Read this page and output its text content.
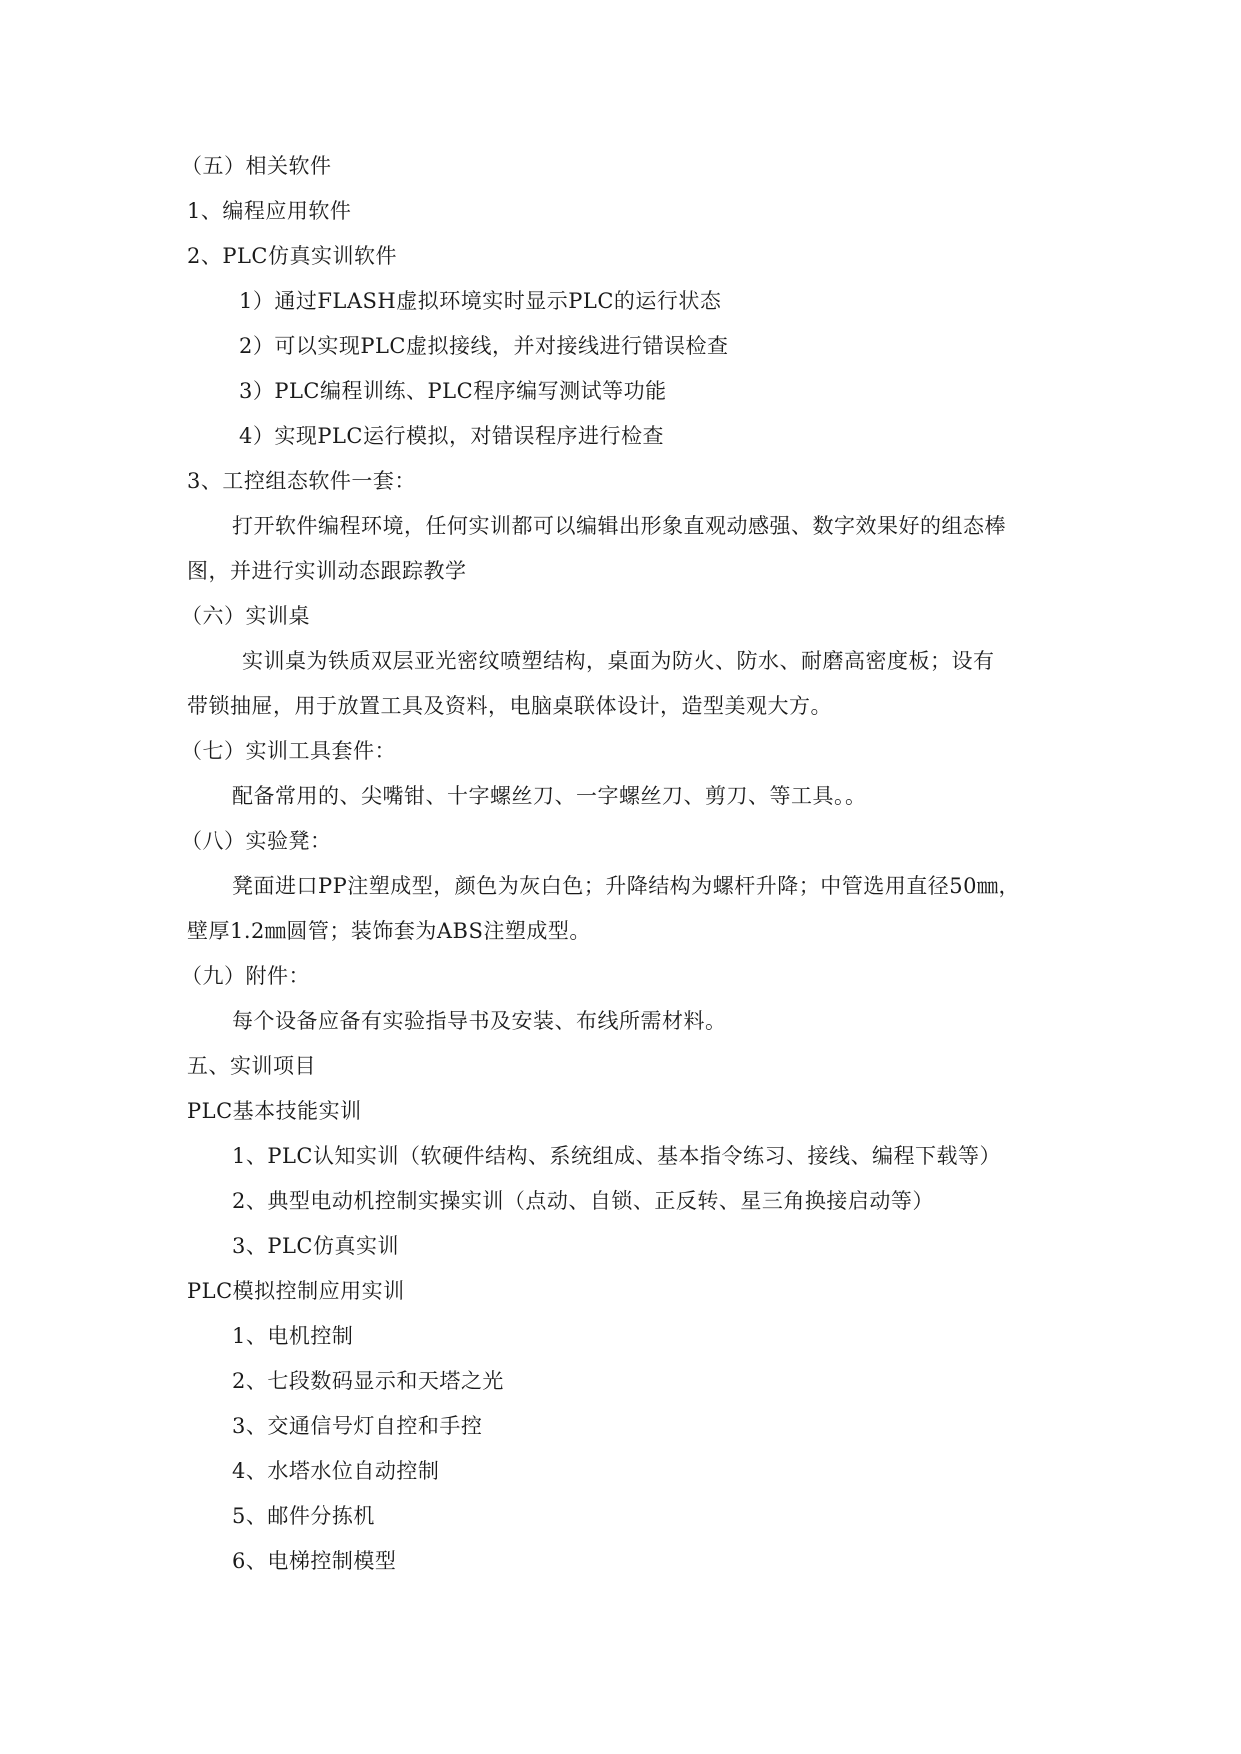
（五）相关软件
1、编程应用软件
2、PLC仿真实训软件
1）通过FLASH虚拟环境实时显示PLC的运行状态
2）可以实现PLC虚拟接线，并对接线进行错误检查
3）PLC编程训练、PLC程序编写测试等功能
4）实现PLC运行模拟，对错误程序进行检查
3、工控组态软件一套：
打开软件编程环境，任何实训都可以编辑出形象直观动感强、数字效果好的组态棒
图，并进行实训动态跟踪教学
（六）实训桌
实训桌为铁质双层亚光密纹喷塑结构，桌面为防火、防水、耐磨高密度板；设有
带锁抽屉，用于放置工具及资料，电脑桌联体设计，造型美观大方。
（七）实训工具套件：
配备常用的、尖嘴钳、十字螺丝刀、一字螺丝刀、剪刀、等工具。。
（八）实验凳：
凳面进口PP注塑成型，颜色为灰白色；升降结构为螺杆升降；中管选用直径50㎜，
壁厚1.2㎜圆管；装饰套为ABS注塑成型。
（九）附件：
每个设备应备有实验指导书及安装、布线所需材料。
五、实训项目
PLC基本技能实训
1、PLC认知实训（软硬件结构、系统组成、基本指令练习、接线、编程下载等）
2、典型电动机控制实操实训（点动、自锁、正反转、星三角换接启动等）
3、PLC仿真实训
PLC模拟控制应用实训
1、电机控制
2、七段数码显示和天塔之光
3、交通信号灯自控和手控
4、水塔水位自动控制
5、邮件分拣机
6、电梯控制模型
